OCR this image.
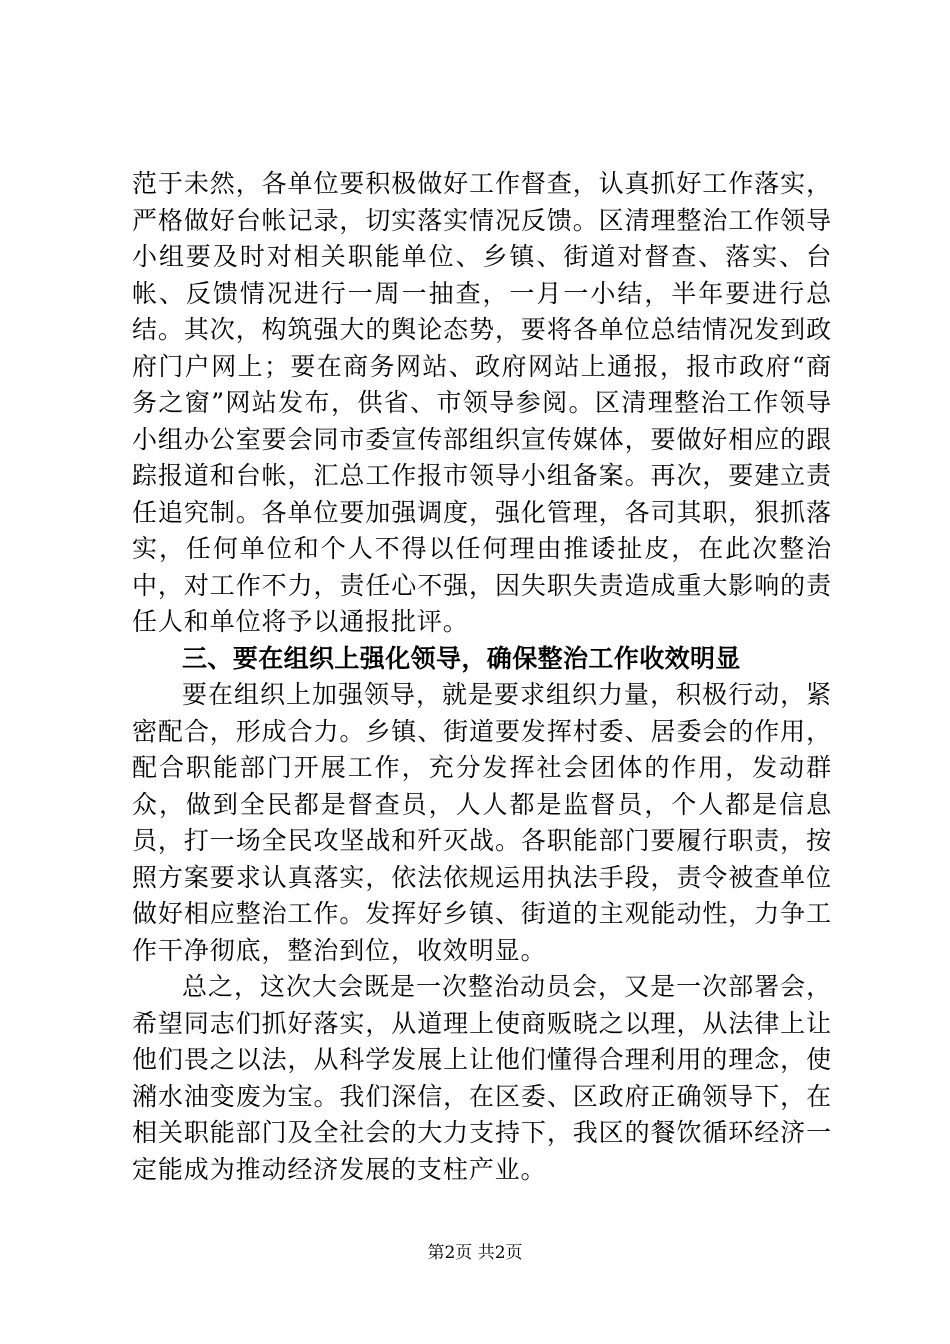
范于未然，各单位要积极做好工作督查，认真抓好工作落实，严格做好台帐记录，切实落实情况反馈。区清理整治工作领导小组要及时对相关职能单位、乡镇、街道对督查、落实、台帐、反馈情况进行一周一抽查，一月一小结，半年要进行总结。其次，构筑强大的舆论态势，要将各单位总结情况发到政府门户网上；要在商务网站、政府网站上通报，报市政府“商务之窗”网站发布，供省、市领导参阅。区清理整治工作领导小组办公室要会同市委宣传部组织宣传媒体，要做好相应的跟踪报道和台帐，汇总工作报市领导小组备案。再次，要建立责任追究制。各单位要加强调度，强化管理，各司其职，狠抓落实，任何单位和个人不得以任何理由推诿扯皮，在此次整治中，对工作不力，责任心不强，因失职失责造成重大影响的责任人和单位将予以通报批评。

三、要在组织上强化领导，确保整治工作收效明显

要在组织上加强领导，就是要求组织力量，积极行动，紧密配合，形成合力。乡镇、街道要发挥村委、居委会的作用，配合职能部门开展工作，充分发挥社会团体的作用，发动群众，做到全民都是督查员，人人都是监督员，个人都是信息员，打一场全民攻坚战和歼灭战。各职能部门要履行职责，按照方案要求认真落实，依法依规运用执法手段，责令被查单位做好相应整治工作。发挥好乡镇、街道的主观能动性，力争工作干净彻底，整治到位，收效明显。

总之，这次大会既是一次整治动员会，又是一次部署会，希望同志们抓好落实，从道理上使商贩晓之以理，从法律上让他们畏之以法，从科学发展上让他们懂得合理利用的理念，使潲水油变废为宝。我们深信，在区委、区政府正确领导下，在相关职能部门及全社会的大力支持下，我区的餐饮循环经济一定能成为推动经济发展的支柱产业。

第2页 共2页
